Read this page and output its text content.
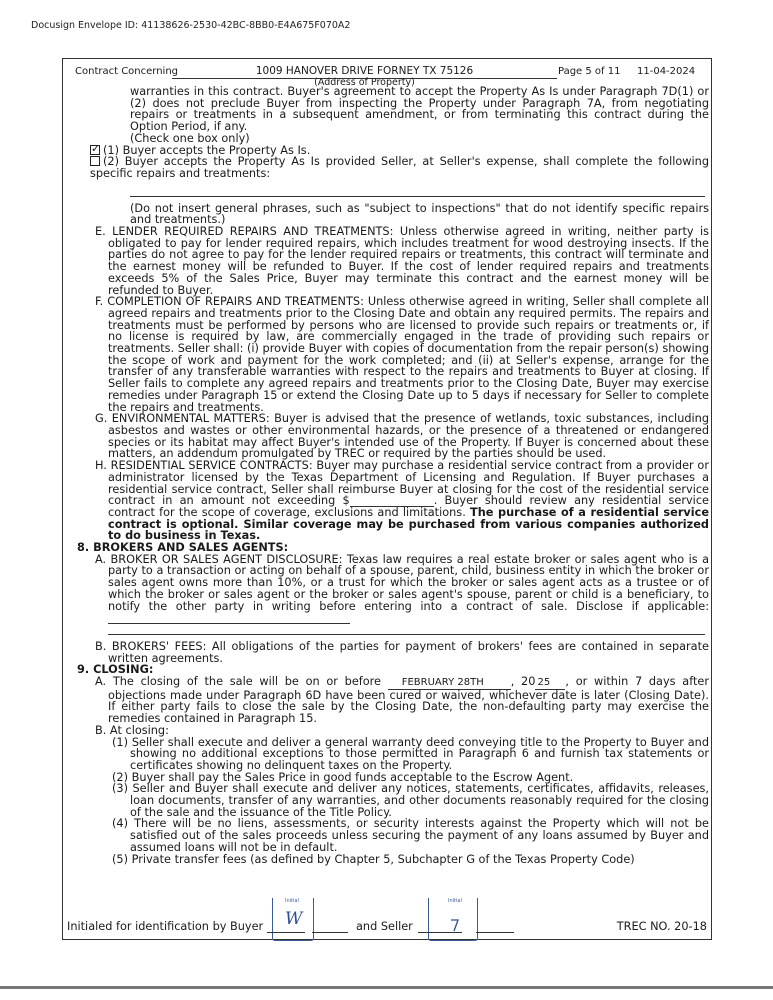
Docusign Envelope ID: 41138626-2530-42BC-8BB0-E4A675F070A2
Contract Concerning	1009 HANOVER DRIVE FORNEY TX 75126
(Address of Property)
Page 5 of 11 11-04-2024

warranties in this contract. Buyer's agreement to accept the Property As Is under Paragraph 7D(1) or (2) does not preclude Buyer from inspecting the Property under Paragraph 7A, from negotiating repairs or treatments in a subsequent amendment, or from terminating this contract during the Option Period, if any.

(Check one box only)

✓(1) Buyer accepts the Property As Is.

(2) Buyer accepts the Property As Is provided Seller, at Seller's expense, shall complete the following specific repairs and treatments:

(Do not insert general phrases, such as "subject to inspections" that do not identify specific repairs and treatments.)

E. LENDER REQUIRED REPAIRS AND TREATMENTS: Unless otherwise agreed in writing, neither party is obligated to pay for lender required repairs, which includes treatment for wood destroying insects. If the parties do not agree to pay for the lender required repairs or treatments, this contract will terminate and the earnest money will be refunded to Buyer. If the cost of lender required repairs and treatments exceeds 5% of the Sales Price, Buyer may terminate this contract and the earnest money will be refunded to Buyer.

F. COMPLETION OF REPAIRS AND TREATMENTS: Unless otherwise agreed in writing, Seller shall complete all agreed repairs and treatments prior to the Closing Date and obtain any required permits. The repairs and treatments must be performed by persons who are licensed to provide such repairs or treatments or, if no license is required by law, are commercially engaged in the trade of providing such repairs or treatments. Seller shall: (i) provide Buyer with copies of documentation from the repair person(s) showing the scope of work and payment for the work completed; and (ii) at Seller's expense, arrange for the transfer of any transferable warranties with respect to the repairs and treatments to Buyer at closing. If Seller fails to complete any agreed repairs and treatments prior to the Closing Date, Buyer may exercise remedies under Paragraph 15 or extend the Closing Date up to 5 days if necessary for Seller to complete the repairs and treatments.

G. ENVIRONMENTAL MATTERS: Buyer is advised that the presence of wetlands, toxic substances, including asbestos and wastes or other environmental hazards, or the presence of a threatened or endangered species or its habitat may affect Buyer's intended use of the Property. If Buyer is concerned about these matters, an addendum promulgated by TREC or required by the parties should be used.

H. RESIDENTIAL SERVICE CONTRACTS: Buyer may purchase a residential service contract from a provider or administrator licensed by the Texas Department of Licensing and Regulation. If Buyer purchases a residential service contract, Seller shall reimburse Buyer at closing for the cost of the residential service contract in an amount not exceeding $	. Buyer should review any residential service contract for the scope of coverage, exclusions and limitations. The purchase of a residential service contract is optional. Similar coverage may be purchased from various companies authorized to do business in Texas.

8. BROKERS AND SALES AGENTS:

A. BROKER OR SALES AGENT DISCLOSURE: Texas law requires a real estate broker or sales agent who is a party to a transaction or acting on behalf of a spouse, parent, child, business entity in which the broker or sales agent owns more than 10%, or a trust for which the broker or sales agent acts as a trustee or of which the broker or sales agent or the broker or sales agent's spouse, parent or child is a beneficiary, to notify the other party in writing before entering into a contract of sale. Disclose if applicable:

B. BROKERS' FEES: All obligations of the parties for payment of brokers' fees are contained in separate written agreements.

9. CLOSING:

A. The closing of the sale will be on or before FEBRUARY 28TH , 20 25 , or within 7 days after objections made under Paragraph 6D have been cured or waived, whichever date is later (Closing Date). If either party fails to close the sale by the Closing Date, the non-defaulting party may exercise the remedies contained in Paragraph 15.

B. At closing:

(1) Seller shall execute and deliver a general warranty deed conveying title to the Property to Buyer and showing no additional exceptions to those permitted in Paragraph 6 and furnish tax statements or certificates showing no delinquent taxes on the Property.

(2) Buyer shall pay the Sales Price in good funds acceptable to the Escrow Agent.

(3) Seller and Buyer shall execute and deliver any notices, statements, certificates, affidavits, releases, loan documents, transfer of any warranties, and other documents reasonably required for the closing of the sale and the issuance of the Title Policy.

(4) There will be no liens, assessments, or security interests against the Property which will not be satisfied out of the sales proceeds unless securing the payment of any loans assumed by Buyer and assumed loans will not be in default.

(5) Private transfer fees (as defined by Chapter 5, Subchapter G of the Texas Property Code)

W
Initial	Initial
Initialed for identification by Buyer	and Seller	TREC NO. 20-18
